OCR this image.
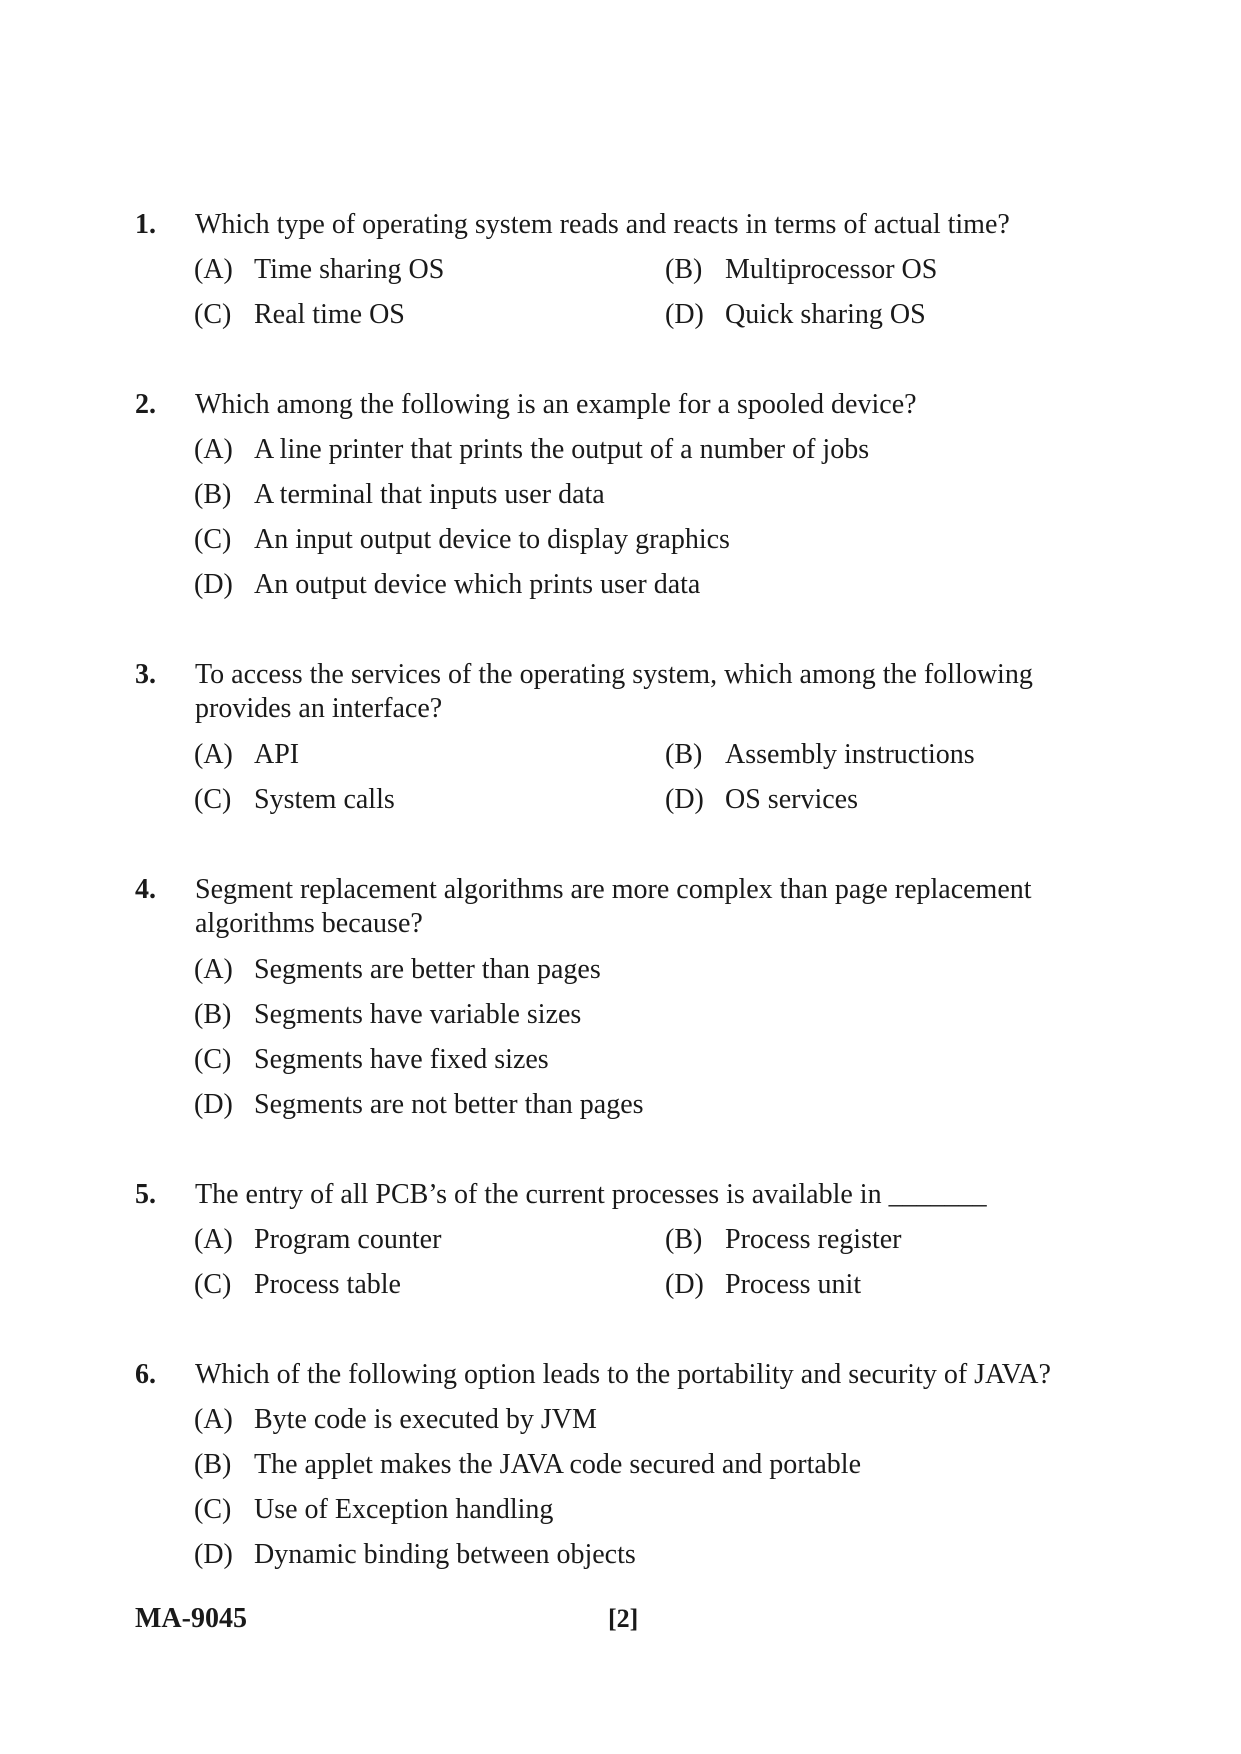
1. Which type of operating system reads and reacts in terms of actual time?
(A) Time sharing OS	(B) Multiprocessor OS
(C) Real time OS	(D) Quick sharing OS
2. Which among the following is an example for a spooled device?
(A) A line printer that prints the output of a number of jobs
(B) A terminal that inputs user data
(C) An input output device to display graphics
(D) An output device which prints user data
3. To access the services of the operating system, which among the following provides an interface?
(A) API	(B) Assembly instructions
(C) System calls	(D) OS services
4. Segment replacement algorithms are more complex than page replacement algorithms because?
(A) Segments are better than pages
(B) Segments have variable sizes
(C) Segments have fixed sizes
(D) Segments are not better than pages
5. The entry of all PCB’s of the current processes is available in _______
(A) Program counter	(B) Process register
(C) Process table	(D) Process unit
6. Which of the following option leads to the portability and security of JAVA?
(A) Byte code is executed by JVM
(B) The applet makes the JAVA code secured and portable
(C) Use of Exception handling
(D) Dynamic binding between objects
MA-9045	[2]
